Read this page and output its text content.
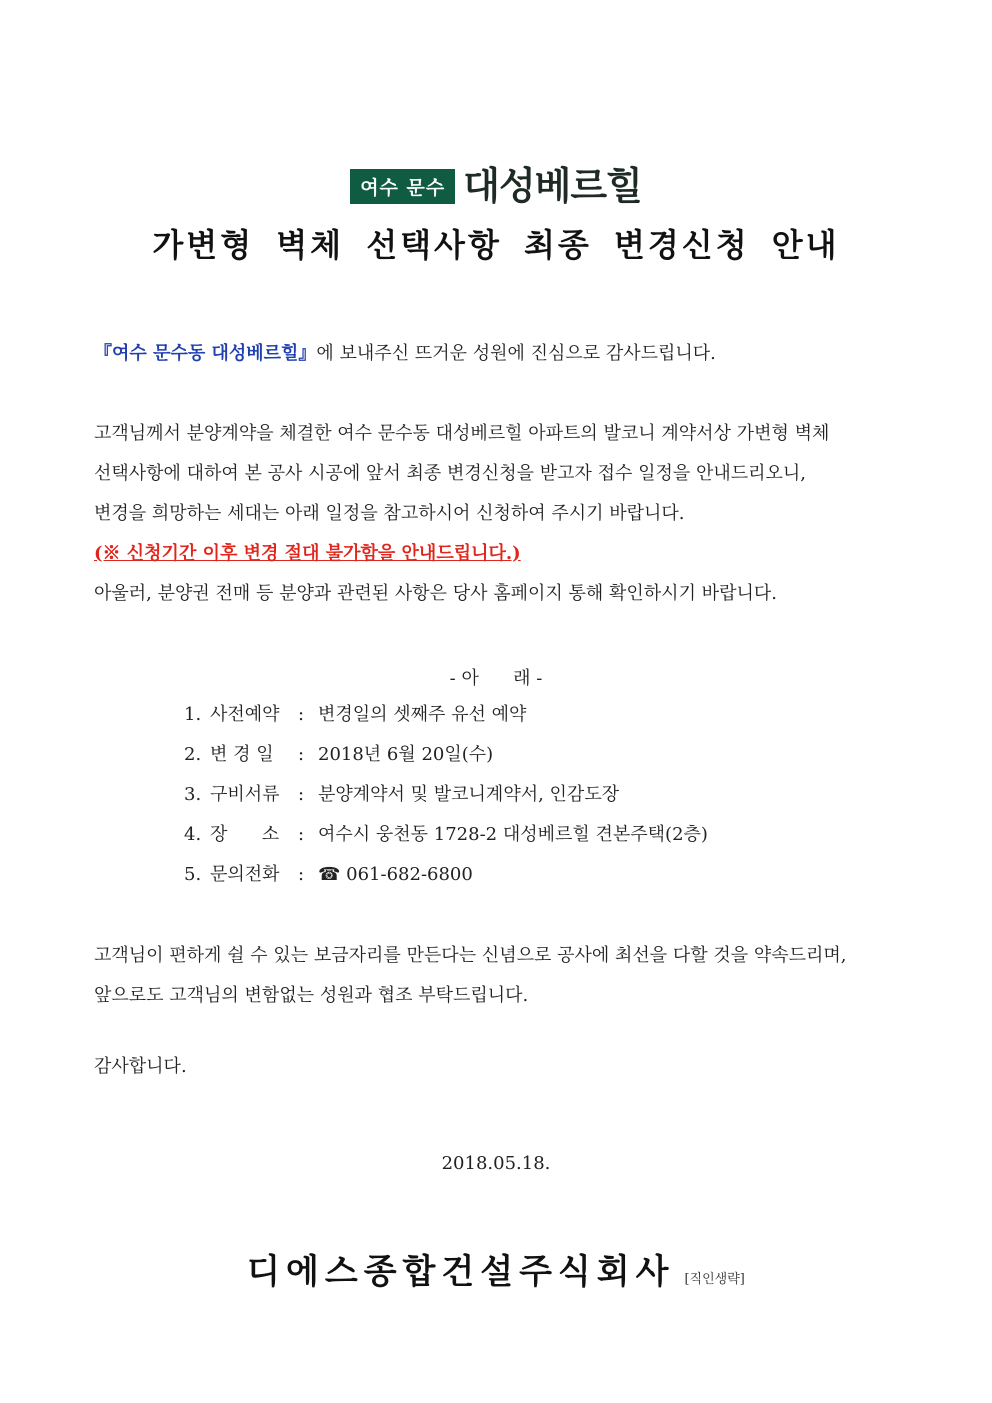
여수 문수 대성베르힐
가변형 벽체 선택사항 최종 변경신청 안내
『여수 문수동 대성베르힐』에 보내주신 뜨거운 성원에 진심으로 감사드립니다.
고객님께서 분양계약을 체결한 여수 문수동 대성베르힐 아파트의 발코니 계약서상 가변형 벽체
선택사항에 대하여 본 공사 시공에 앞서 최종 변경신청을 받고자 접수 일정을 안내드리오니,
변경을 희망하는 세대는 아래 일정을 참고하시어 신청하여 주시기 바랍니다.
(※ 신청기간 이후 변경 절대 불가함을 안내드립니다.)
아울러, 분양권 전매 등 분양과 관련된 사항은 당사 홈페이지 통해 확인하시기 바랍니다.
- 아      래 -
1. 사전예약	: 변경일의 셋째주 유선 예약
2. 변 경 일	: 2018년 6월 20일(수)
3. 구비서류	: 분양계약서 및 발코니계약서, 인감도장
4. 장      소	: 여수시 웅천동 1728-2 대성베르힐 견본주택(2층)
5. 문의전화	: ☎ 061-682-6800
고객님이 편하게 쉴 수 있는 보금자리를 만든다는 신념으로 공사에 최선을 다할 것을 약속드리며,
앞으로도 고객님의 변함없는 성원과 협조 부탁드립니다.
감사합니다.
2018.05.18.
디에스종합건설주식회사 [직인생략]
